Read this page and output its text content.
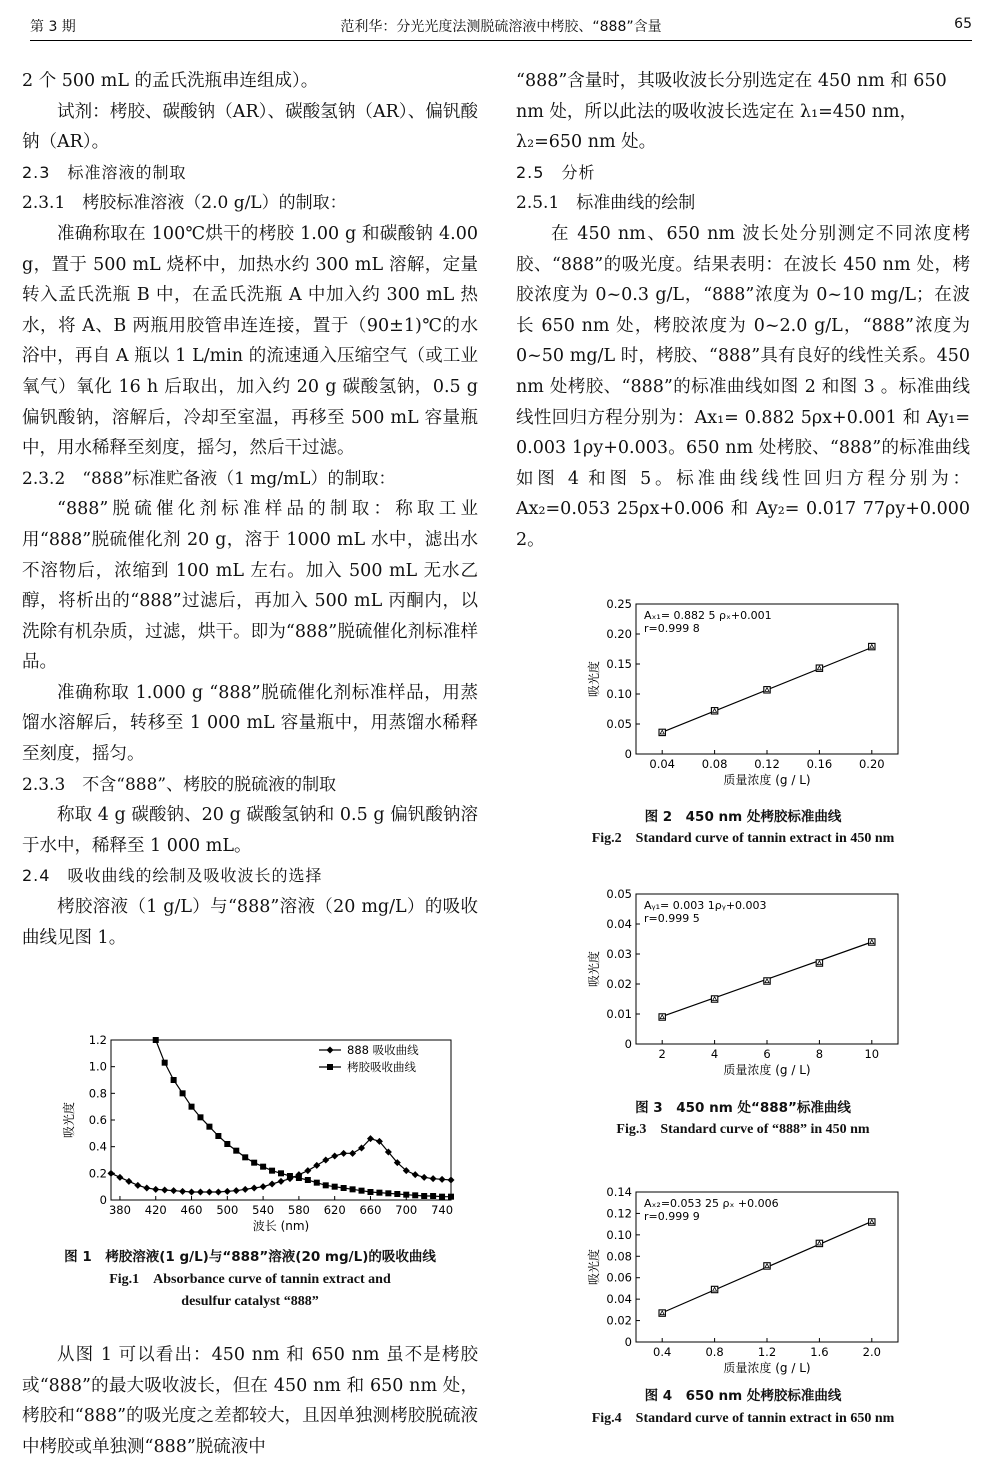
第 3 期	范利华：分光光度法测脱硫溶液中栲胶、“888”含量	65

2 个 500 mL 的孟氏洗瓶串连组成）。

试剂：栲胶、碳酸钠（AR）、碳酸氢钠（AR）、偏钒酸钠（AR）。

2.3　标准溶液的制取
2.3.1　栲胶标准溶液（2.0 g/L）的制取：

准确称取在 100℃烘干的栲胶 1.00 g 和碳酸钠 4.00 g，置于 500 mL 烧杯中，加热水约 300 mL 溶解，定量转入孟氏洗瓶 B 中，在孟氏洗瓶 A 中加入约 300 mL 热水，将 A、B 两瓶用胶管串连连接，置于（90±1)℃的水浴中，再自 A 瓶以 1 L/min 的流速通入压缩空气（或工业氧气）氧化 16 h 后取出，加入约 20 g 碳酸氢钠，0.5 g 偏钒酸钠，溶解后，冷却至室温，再移至 500 mL 容量瓶中，用水稀释至刻度，摇匀，然后干过滤。

2.3.2　“888”标准贮备液（1 mg/mL）的制取：

“888”脱硫催化剂标准样品的制取：称取工业用“888”脱硫催化剂 20 g，溶于 1000 mL 水中，滤出水不溶物后，浓缩到 100 mL 左右。加入 500 mL 无水乙醇，将析出的“888”过滤后，再加入 500 mL 丙酮内，以洗除有机杂质，过滤，烘干。即为“888”脱硫催化剂标准样品。

准确称取 1.000 g “888”脱硫催化剂标准样品，用蒸馏水溶解后，转移至 1 000 mL 容量瓶中，用蒸馏水稀释至刻度，摇匀。

2.3.3　不含“888”、栲胶的脱硫液的制取

称取 4 g 碳酸钠、20 g 碳酸氢钠和 0.5 g 偏钒酸钠溶于水中，稀释至 1 000 mL。

2.4　吸收曲线的绘制及吸收波长的选择

栲胶溶液（1 g/L）与“888”溶液（20 mg/L）的吸收曲线见图 1。

0
0.2
0.4
0.6
0.8
1.0
1.2
380 420 460 500 540 580 620 660 700 740
波长 (nm)
吸光度
888 吸收曲线
栲胶吸收曲线
图 1　栲胶溶液(1 g/L)与“888”溶液(20 mg/L)的吸收曲线
Fig.1　Absorbance curve of tannin extract and
desulfur catalyst “888”

从图 1 可以看出：450 nm 和 650 nm 虽不是栲胶或“888”的最大吸收波长，但在 450 nm 和 650 nm 处，栲胶和“888”的吸光度之差都较大，且因单独测栲胶脱硫液中栲胶或单独测“888”脱硫液中

“888”含量时，其吸收波长分别选定在 450 nm 和 650 nm 处，所以此法的吸收波长选定在 λ₁=450 nm，λ₂=650 nm 处。

2.5　分析
2.5.1　标准曲线的绘制

在 450 nm、650 nm 波长处分别测定不同浓度栲胶、“888”的吸光度。结果表明：在波长 450 nm 处，栲胶浓度为 0~0.3 g/L，“888”浓度为 0~10 mg/L；在波长 650 nm 处，栲胶浓度为 0~2.0 g/L，“888”浓度为 0~50 mg/L 时，栲胶、“888”具有良好的线性关系。450 nm 处栲胶、“888”的标准曲线如图 2 和图 3 。标准曲线线性回归方程分别为：Ax₁= 0.882 5ρx+0.001 和 Ay₁= 0.003 1ρy+0.003。650 nm 处栲胶、“888”的标准曲线如图 4 和图 5。标准曲线线性回归方程分别为：Ax₂=0.053 25ρx+0.006 和 Ay₂= 0.017 77ρy+0.000 2。

0
0.05
0.10
0.15
0.20
0.25
0.04 0.08 0.12 0.16 0.20
质量浓度 (g / L)
吸光度
Aₓ₁= 0.882 5 ρₓ+0.001
r=0.999 8
图 2　450 nm 处栲胶标准曲线
Fig.2　Standard curve of tannin extract in 450 nm
0
0.01
0.02
0.03
0.04
0.05
2	4	6	8	10
质量浓度 (g / L)
吸光度
Aᵧ₁= 0.003 1ρᵧ+0.003
r=0.999 5
图 3　450 nm 处“888”标准曲线
Fig.3　Standard curve of “888” in 450 nm
0
0.02
0.04
0.06
0.08
0.10
0.12
0.14
0.4	0.8	1.2	1.6	2.0
质量浓度 (g / L)
吸光度
Aₓ₂=0.053 25 ρₓ +0.006
r=0.999 9
图 4　650 nm 处栲胶标准曲线
Fig.4　Standard curve of tannin extract in 650 nm
